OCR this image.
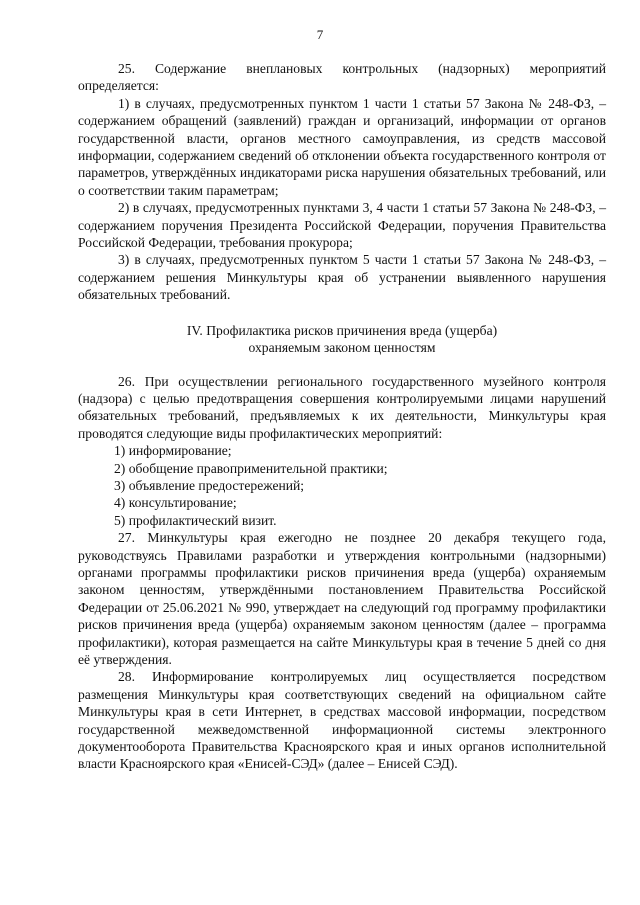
7

25. Содержание внеплановых контрольных (надзорных) мероприятий определяется:

1) в случаях, предусмотренных пунктом 1 части 1 статьи 57 Закона № 248-ФЗ, – содержанием обращений (заявлений) граждан и организаций, информации от органов государственной власти, органов местного самоуправления, из средств массовой информации, содержанием сведений об отклонении объекта государственного контроля от параметров, утверждённых индикаторами риска нарушения обязательных требований, или о соответствии таким параметрам;

2) в случаях, предусмотренных пунктами 3, 4 части 1 статьи 57 Закона № 248-ФЗ, – содержанием поручения Президента Российской Федерации, поручения Правительства Российской Федерации, требования прокурора;

3) в случаях, предусмотренных пунктом 5 части 1 статьи 57 Закона № 248-ФЗ, – содержанием решения Минкультуры края об устранении выявленного нарушения обязательных требований.

IV. Профилактика рисков причинения вреда (ущерба)
охраняемым законом ценностям

26. При осуществлении регионального государственного музейного контроля (надзора) с целью предотвращения совершения контролируемыми лицами нарушений обязательных требований, предъявляемых к их деятельности, Минкультуры края проводятся следующие виды профилактических мероприятий:

1) информирование;
2) обобщение правоприменительной практики;
3) объявление предостережений;
4) консультирование;
5) профилактический визит.

27. Минкультуры края ежегодно не позднее 20 декабря текущего года, руководствуясь Правилами разработки и утверждения контрольными (надзорными) органами программы профилактики рисков причинения вреда (ущерба) охраняемым законом ценностям, утверждёнными постановлением Правительства Российской Федерации от 25.06.2021 № 990, утверждает на следующий год программу профилактики рисков причинения вреда (ущерба) охраняемым законом ценностям (далее – программа профилактики), которая размещается на сайте Минкультуры края в течение 5 дней со дня её утверждения.

28. Информирование контролируемых лиц осуществляется посредством размещения Минкультуры края соответствующих сведений на официальном сайте Минкультуры края в сети Интернет, в средствах массовой информации, посредством государственной межведомственной информационной системы электронного документооборота Правительства Красноярского края и иных органов исполнительной власти Красноярского края «Енисей-СЭД» (далее – Енисей СЭД).
